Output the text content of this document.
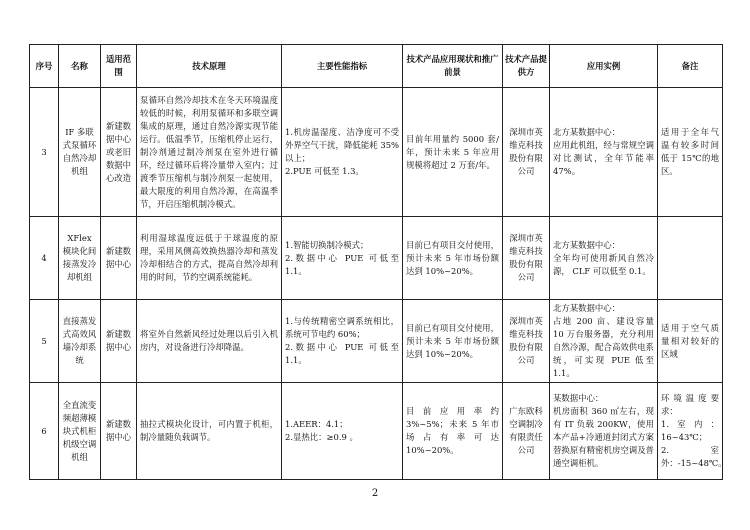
序号	名称	适用范围	技术原理	主要性能指标	技术产品应用现状和推广前景	技术产品提供方	应用实例	备注
3	IF 多联式泵循环自然冷却机组	新建数据中心或老旧数据中心改造	泵循环自然冷却技术在冬天环境温度较低的时候，利用泵循环和多联空调集成的原理，通过自然冷源实现节能运行。低温季节，压缩机停止运行，制冷剂通过制冷剂泵在室外进行循环，经过循环后将冷量带入室内；过渡季节压缩机与制冷剂泵一起使用，最大限度的利用自然冷源，在高温季节，开启压缩机制冷模式。	1.机房温湿度、洁净度可不受外界空气干扰，降低能耗 35% 以上；
2.PUE 可低至 1.3。	目前年用量约 5000 套/年，预计未来 5 年应用规模将超过 2 万套/年。	深圳市英维克科技股份有限公司	北方某数据中心：
应用此机组，经与常规空调对比测试，全年节能率 47%。	适用于全年气温有较多时间低于 15℃的地区。
4	XFlex 模块化间接蒸发冷却机组	新建数据中心	利用湿球温度远低于干球温度的原理，采用风侧高效换热器冷却和蒸发冷却相结合的方式，提高自然冷却利用的时间，节约空调系统能耗。	1.智能切换制冷模式；
2.数据中心 PUE 可低至 1.1。	目前已有项目交付使用，预计未来 5 年市场份额达到 10%~20%。	深圳市英维克科技股份有限公司	北方某数据中心：
全年均可使用新风自然冷源， CLF 可以低至 0.1。	

5	直接蒸发式高效风墙冷却系统	新建数据中心	将室外自然新风经过处理以后引入机房内，对设备进行冷却降温。	1.与传统精密空调系统相比，系统可节电约 60%；
2.数据中心 PUE 可低至 1.1。	目前已有项目交付使用，预计未来 5 年市场份额达到 10%~20%。	深圳市英维克科技股份有限公司	北方某数据中心：
占地 200 亩、建设容量 10 万台服务器，充分利用自然冷源，配合高效供电系统，可实现 PUE 低至 1.1。	适用于空气质量相对较好的区域
6	全直流变频超薄模块式机柜机级空调机组	新建数据中心	抽拉式模块化设计，可内置于机柜，制冷量随负载调节。	1.AEER：4.1；
2.显热比：≥0.9 。	目前应用率约 3%~5%；未来 5 年市场占有率可达 10%~20%。	广东欧科空调制冷有限责任公司	某数据中心：
机房面积 360 ㎡左右，现有 IT 负载 200KW，使用本产品+冷通道封闭式方案替换原有精密机房空调及普通空调柜机。	环境温度要求：
1.室内：16~43℃；
2.室外：-15~48℃。
2
